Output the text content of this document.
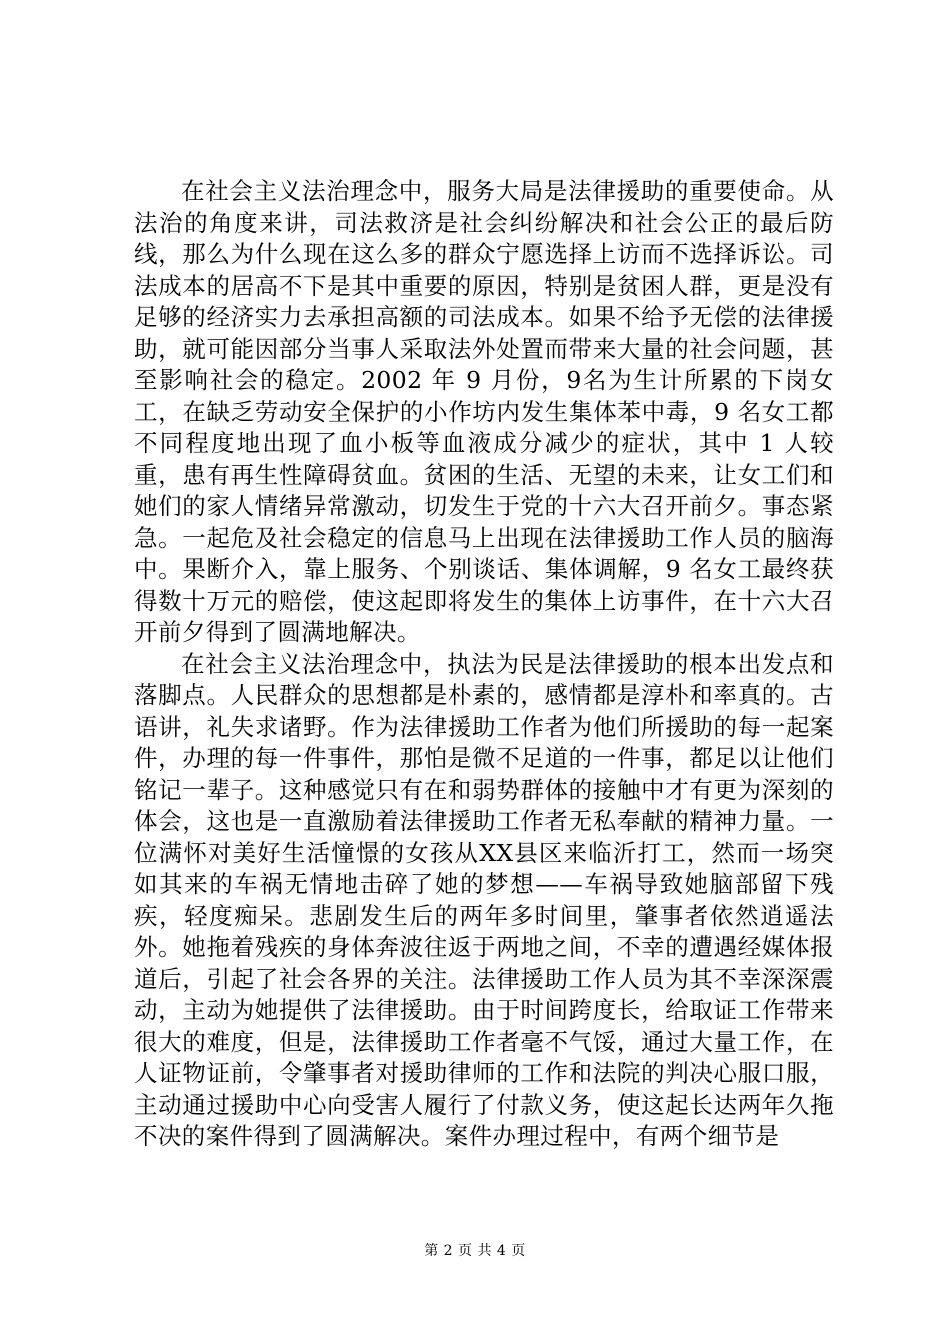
在社会主义法治理念中，服务大局是法律援助的重要使命。从法治的角度来讲，司法救济是社会纠纷解决和社会公正的最后防线，那么为什么现在这么多的群众宁愿选择上访而不选择诉讼。司法成本的居高不下是其中重要的原因，特别是贫困人群，更是没有足够的经济实力去承担高额的司法成本。如果不给予无偿的法律援助，就可能因部分当事人采取法外处置而带来大量的社会问题，甚至影响社会的稳定。2002 年 9 月份，9名为生计所累的下岗女工，在缺乏劳动安全保护的小作坊内发生集体苯中毒，9 名女工都不同程度地出现了血小板等血液成分减少的症状，其中 1 人较重，患有再生性障碍贫血。贫困的生活、无望的未来，让女工们和她们的家人情绪异常激动，切发生于党的十六大召开前夕。事态紧急。一起危及社会稳定的信息马上出现在法律援助工作人员的脑海中。果断介入，靠上服务、个别谈话、集体调解，9 名女工最终获得数十万元的赔偿，使这起即将发生的集体上访事件，在十六大召开前夕得到了圆满地解决。

在社会主义法治理念中，执法为民是法律援助的根本出发点和落脚点。人民群众的思想都是朴素的，感情都是淳朴和率真的。古语讲，礼失求诸野。作为法律援助工作者为他们所援助的每一起案件，办理的每一件事件，那怕是微不足道的一件事，都足以让他们铭记一辈子。这种感觉只有在和弱势群体的接触中才有更为深刻的体会，这也是一直激励着法律援助工作者无私奉献的精神力量。一位满怀对美好生活憧憬的女孩从XX县区来临沂打工，然而一场突如其来的车祸无情地击碎了她的梦想——车祸导致她脑部留下残疾，轻度痴呆。悲剧发生后的两年多时间里，肇事者依然逍遥法外。她拖着残疾的身体奔波往返于两地之间，不幸的遭遇经媒体报道后，引起了社会各界的关注。法律援助工作人员为其不幸深深震动，主动为她提供了法律援助。由于时间跨度长，给取证工作带来很大的难度，但是，法律援助工作者毫不气馁，通过大量工作，在人证物证前，令肇事者对援助律师的工作和法院的判决心服口服，主动通过援助中心向受害人履行了付款义务，使这起长达两年久拖不决的案件得到了圆满解决。案件办理过程中，有两个细节是

第 2 页 共 4 页
